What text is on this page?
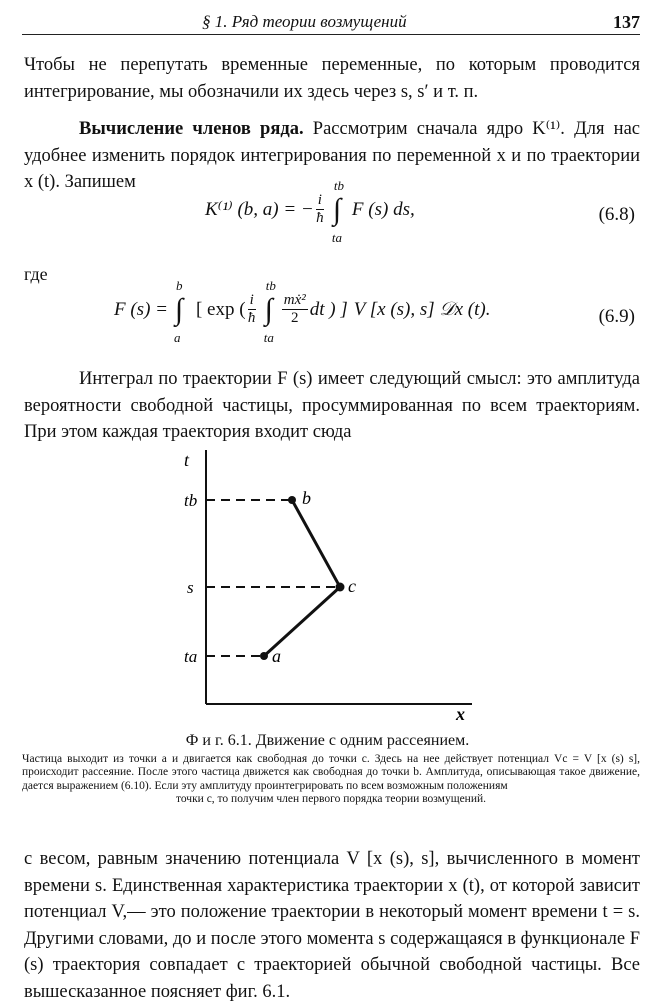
§ 1. Ряд теории возмущений	137

Чтобы не перепутать временные переменные, по которым проводится интегрирование, мы обозначили их здесь через s, s′ и т. п.

Вычисление членов ряда. Рассмотрим сначала ядро K⁽¹⁾. Для нас удобнее изменить порядок интегрирования по переменной x и по траектории x (t). Запишем

K⁽¹⁾ (b, a) = − $\frac{i}{ħ}$ ∫
tb
ta
F (s) ds,	(6.8)
где
F (s) = ∫
b
a
[ exp ( $\frac{i}{ħ}$ ∫
tb
ta
$\frac{\text{mẋ²}}{2}$ dt ) ] V [x (s), s] 𝒟x (t).	(6.9)

Интеграл по траектории F (s) имеет следующий смысл: это амплитуда вероятности свободной частицы, просуммированная по всем траекториям. При этом каждая траектория входит сюда

t
x
tb
s
ta
b
c
a
Ф и г. 6.1. Движение с одним рассеянием.

Частица выходит из точки a и двигается как свободная до точки c. Здесь на нее действует потенциал Vc = V [x (s) s], происходит рассеяние. После этого частица движется как свободная до точки b. Амплитуда, описывающая такое движение, дается выражением (6.10). Если эту амплитуду проинтегрировать по всем возможным положениям
точки c, то получим член первого порядка теории возмущений.

с весом, равным значению потенциала V [x (s), s], вычисленного в момент времени s. Единственная характеристика траектории x (t), от которой зависит потенциал V,— это положение траектории в некоторый момент времени t = s. Другими словами, до и после этого момента s содержащаяся в функционале F (s) траектория совпадает с траекторией обычной свободной частицы. Все вышесказанное поясняет фиг. 6.1.
